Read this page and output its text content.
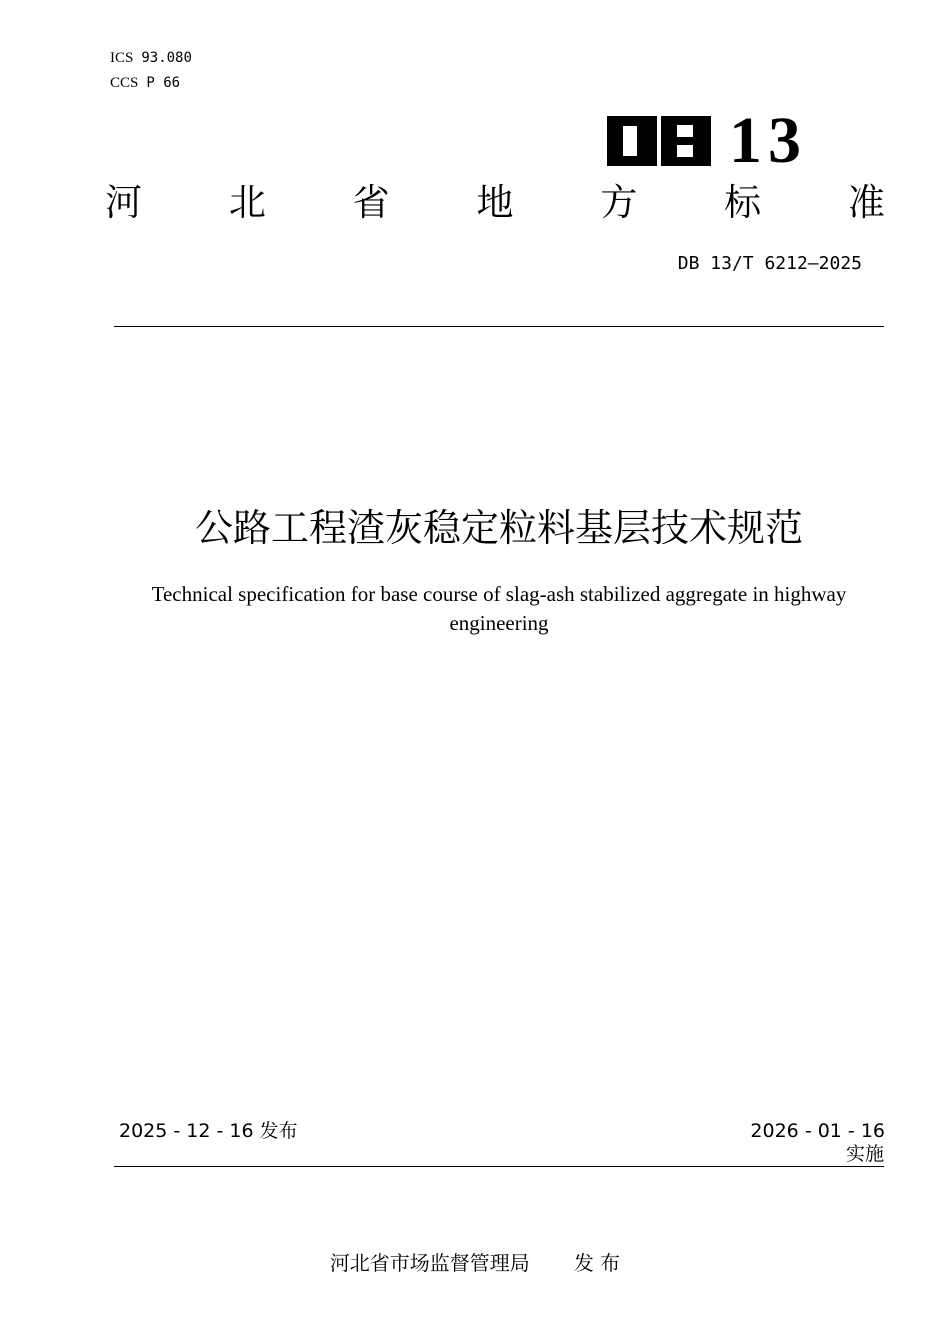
ICS 93.080
CCS P 66
13
河 北 省 地 方 标 准
DB 13/T 6212—2025
公路工程渣灰稳定粒料基层技术规范
Technical specification for base course of slag-ash stabilized aggregate in highway engineering
2025 - 12 - 16 发布	2026 - 01 - 16
实施
河北省市场监督管理局 发 布
